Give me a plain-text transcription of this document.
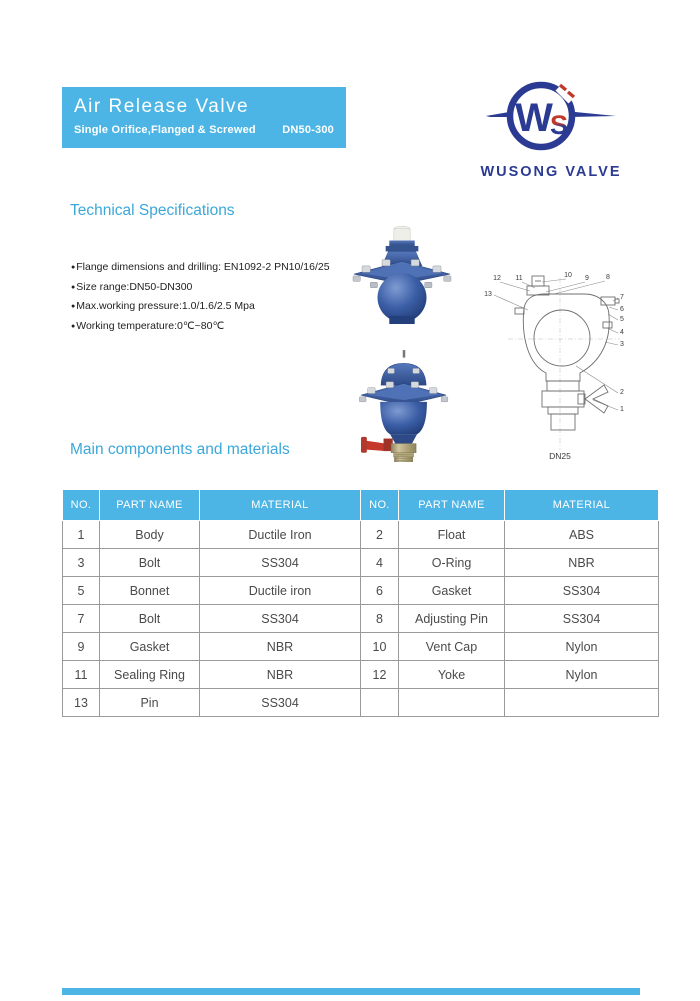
Air Release Valve
Single Orifice,Flanged & Screwed DN50-300	W
S
WUSONG VALVE
Technical Specifications
●Flange dimensions and drilling: EN1092-2 PN10/16/25
●Size range:DN50-DN300
●Max.working pressure:1.0/1.6/2.5 Mpa
●Working temperature:0℃~80℃
13
12 11	10 9 8
7
6
5
4
3
2
1
DN25
Main components and materials
NO.	PART NAME	MATERIAL	NO.	PART NAME	MATERIAL
1	Body	Ductile Iron	2	Float	ABS
3	Bolt	SS304	4	O-Ring	NBR
5	Bonnet	Ductile iron	6	Gasket	SS304
7	Bolt	SS304	8	Adjusting Pin	SS304
9	Gasket	NBR	10	Vent Cap	Nylon
11	Sealing Ring	NBR	12	Yoke	Nylon
13	Pin	SS304			
